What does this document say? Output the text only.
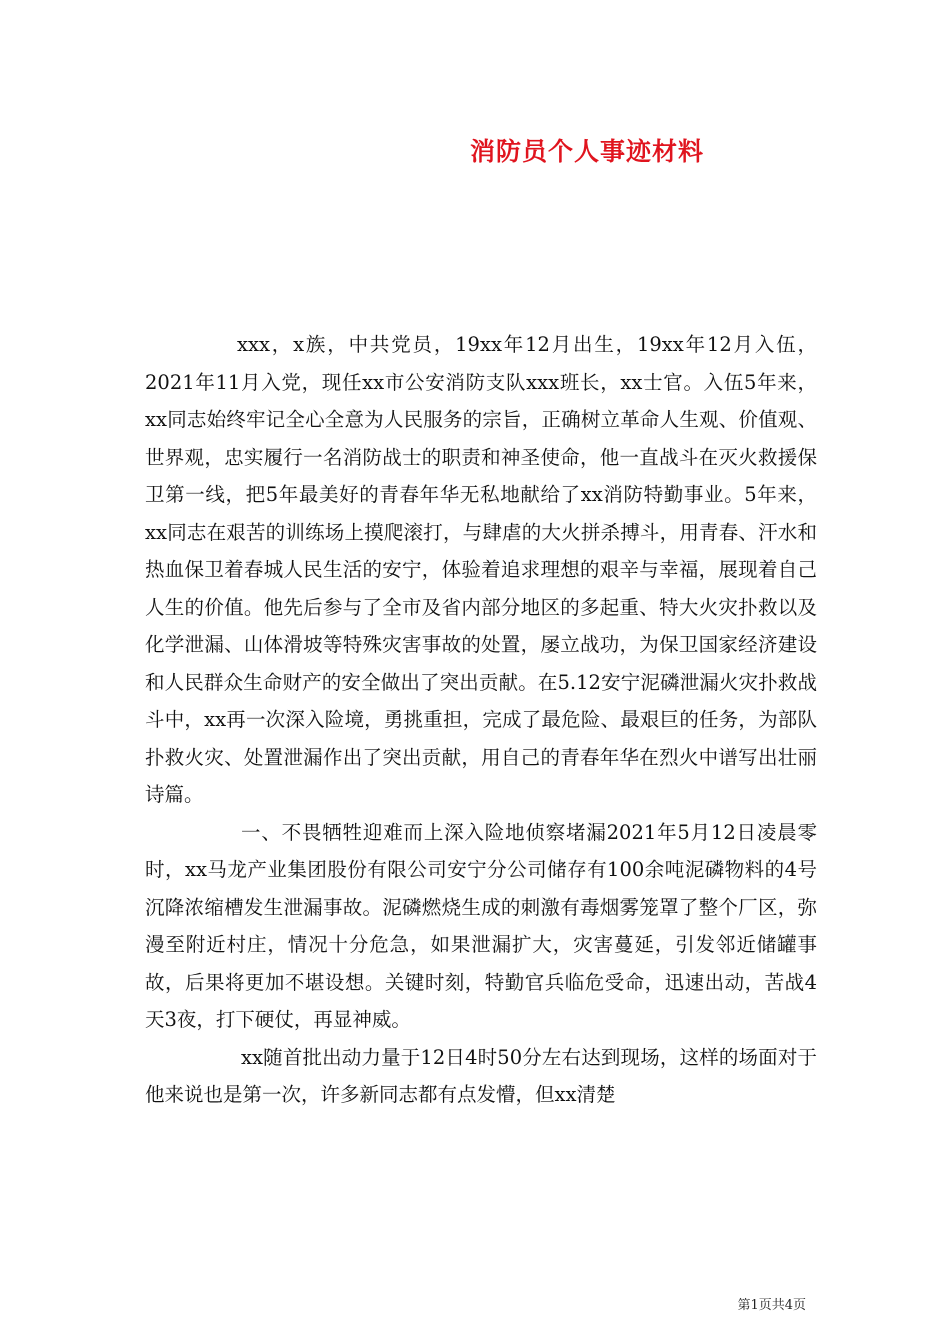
消防员个人事迹材料

xxx，x族，中共党员，19xx年12月出生，19xx年12月入伍，2021年11月入党，现任xx市公安消防支队xxx班长，xx士官。入伍5年来，xx同志始终牢记全心全意为人民服务的宗旨，正确树立革命人生观、价值观、世界观，忠实履行一名消防战士的职责和神圣使命，他一直战斗在灭火救援保卫第一线，把5年最美好的青春年华无私地献给了xx消防特勤事业。5年来，xx同志在艰苦的训练场上摸爬滚打，与肆虐的大火拼杀搏斗，用青春、汗水和热血保卫着春城人民生活的安宁，体验着追求理想的艰辛与幸福，展现着自己人生的价值。他先后参与了全市及省内部分地区的多起重、特大火灾扑救以及化学泄漏、山体滑坡等特殊灾害事故的处置，屡立战功，为保卫国家经济建设和人民群众生命财产的安全做出了突出贡献。在5.12安宁泥磷泄漏火灾扑救战斗中，xx再一次深入险境，勇挑重担，完成了最危险、最艰巨的任务，为部队扑救火灾、处置泄漏作出了突出贡献，用自己的青春年华在烈火中谱写出壮丽诗篇。

一、不畏牺牲迎难而上深入险地侦察堵漏2021年5月12日凌晨零时，xx马龙产业集团股份有限公司安宁分公司储存有100余吨泥磷物料的4号沉降浓缩槽发生泄漏事故。泥磷燃烧生成的刺激有毒烟雾笼罩了整个厂区，弥漫至附近村庄，情况十分危急，如果泄漏扩大，灾害蔓延，引发邻近储罐事故，后果将更加不堪设想。关键时刻，特勤官兵临危受命，迅速出动，苦战4天3夜，打下硬仗，再显神威。

xx随首批出动力量于12日4时50分左右达到现场，这样的场面对于他来说也是第一次，许多新同志都有点发懵，但xx清楚

第1页共4页
